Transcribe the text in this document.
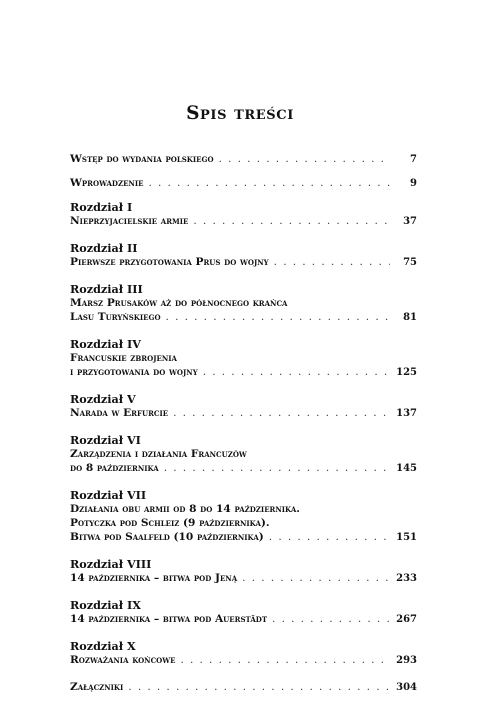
Spis treści
Wstęp do wydania polskiego . . .	7
Wprowadzenie . . .	9
Rozdział I
Nieprzyjacielskie armie . . .	37
Rozdział II
Pierwsze przygotowania Prus do wojny . . .	75
Rozdział III
Marsz Prusaków aż do północnego krańca
Lasu Turyńskiego . . .	81
Rozdział IV
Francuskie zbrojenia
i przygotowania do wojny . . .	125
Rozdział V
Narada w Erfurcie . . .	137
Rozdział VI
Zarządzenia i działania Francuzów
do 8 października . . .	145
Rozdział VII
Działania obu armii od 8 do 14 października.
Potyczka pod Schleiz (9 października).
Bitwa pod Saalfeld (10 października) . . .	151
Rozdział VIII
14 października – bitwa pod Jeną . . .	233
Rozdział IX
14 października – bitwa pod Auerstädt . . .	267
Rozdział X
Rozważania końcowe . . .	293
Załączniki . . .	304
